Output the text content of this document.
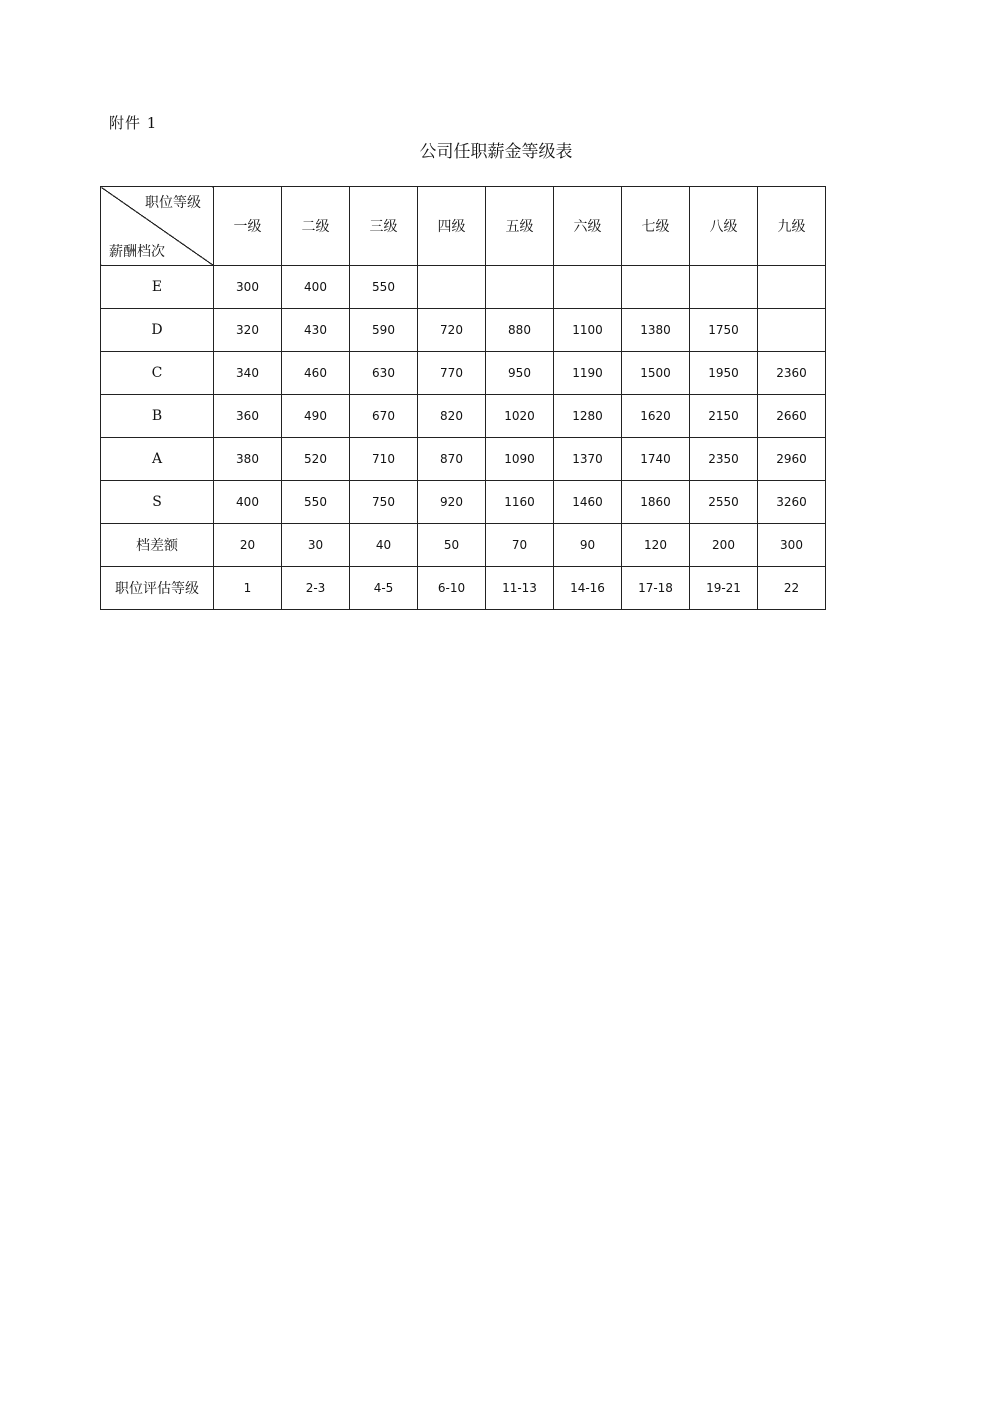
附件 1
公司任职薪金等级表
职位等级
薪酬档次	一级	二级	三级	四级	五级	六级	七级	八级	九级
E	300	400	550						
D	320	430	590	720	880	1100	1380	1750	
C	340	460	630	770	950	1190	1500	1950	2360
B	360	490	670	820	1020	1280	1620	2150	2660
A	380	520	710	870	1090	1370	1740	2350	2960
S	400	550	750	920	1160	1460	1860	2550	3260
档差额	20	30	40	50	70	90	120	200	300
职位评估等级	1	2-3	4-5	6-10	11-13	14-16	17-18	19-21	22
